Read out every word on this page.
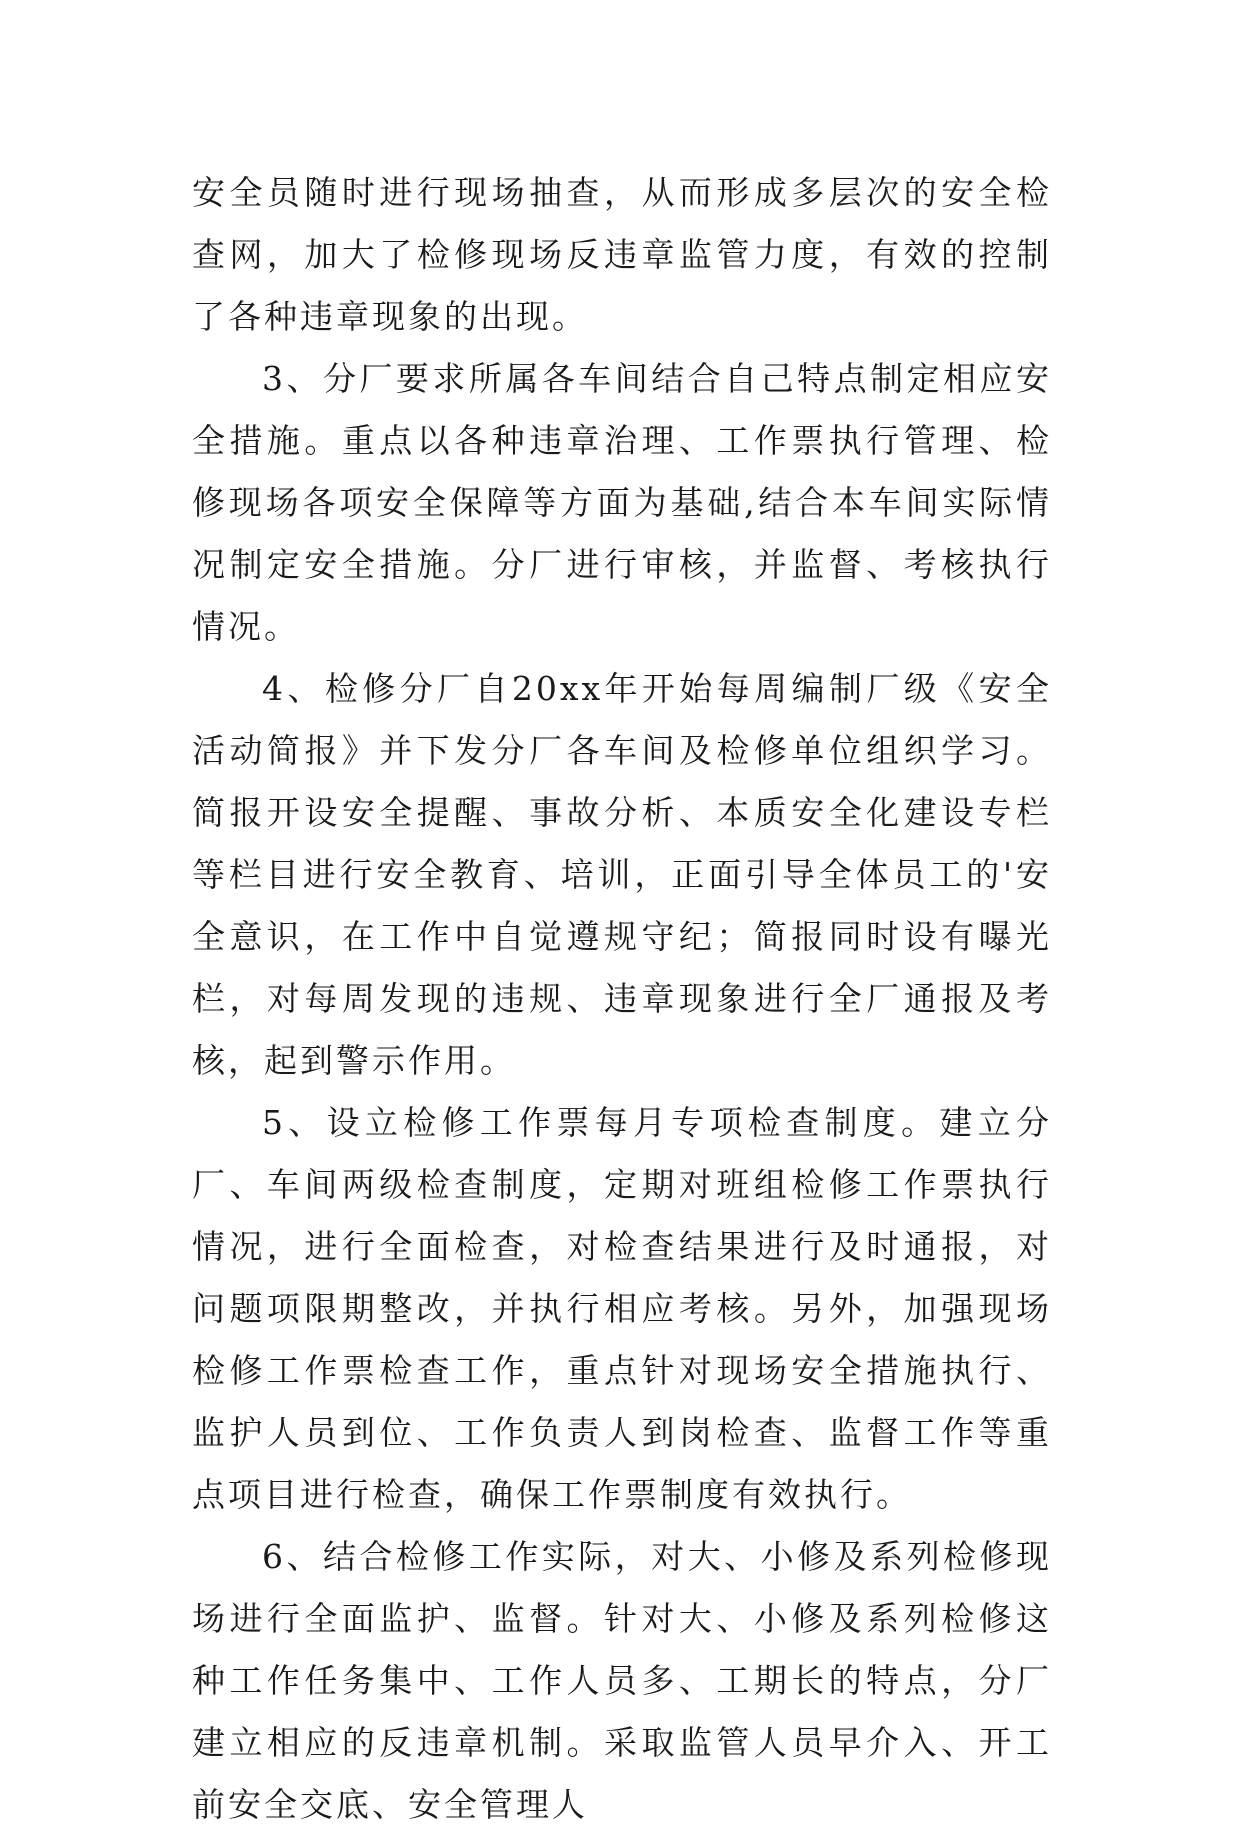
安全员随时进行现场抽查，从而形成多层次的安全检查网，加大了检修现场反违章监管力度，有效的控制了各种违章现象的出现。

3、分厂要求所属各车间结合自己特点制定相应安全措施。重点以各种违章治理、工作票执行管理、检修现场各项安全保障等方面为基础,结合本车间实际情况制定安全措施。分厂进行审核，并监督、考核执行情况。

4、检修分厂自20xx年开始每周编制厂级《安全活动简报》并下发分厂各车间及检修单位组织学习。简报开设安全提醒、事故分析、本质安全化建设专栏等栏目进行安全教育、培训，正面引导全体员工的'安全意识，在工作中自觉遵规守纪；简报同时设有曝光栏，对每周发现的违规、违章现象进行全厂通报及考核，起到警示作用。

5、设立检修工作票每月专项检查制度。建立分厂、车间两级检查制度，定期对班组检修工作票执行情况，进行全面检查，对检查结果进行及时通报，对问题项限期整改，并执行相应考核。另外，加强现场检修工作票检查工作，重点针对现场安全措施执行、监护人员到位、工作负责人到岗检查、监督工作等重点项目进行检查，确保工作票制度有效执行。

6、结合检修工作实际，对大、小修及系列检修现场进行全面监护、监督。针对大、小修及系列检修这种工作任务集中、工作人员多、工期长的特点，分厂建立相应的反违章机制。采取监管人员早介入、开工前安全交底、安全管理人
